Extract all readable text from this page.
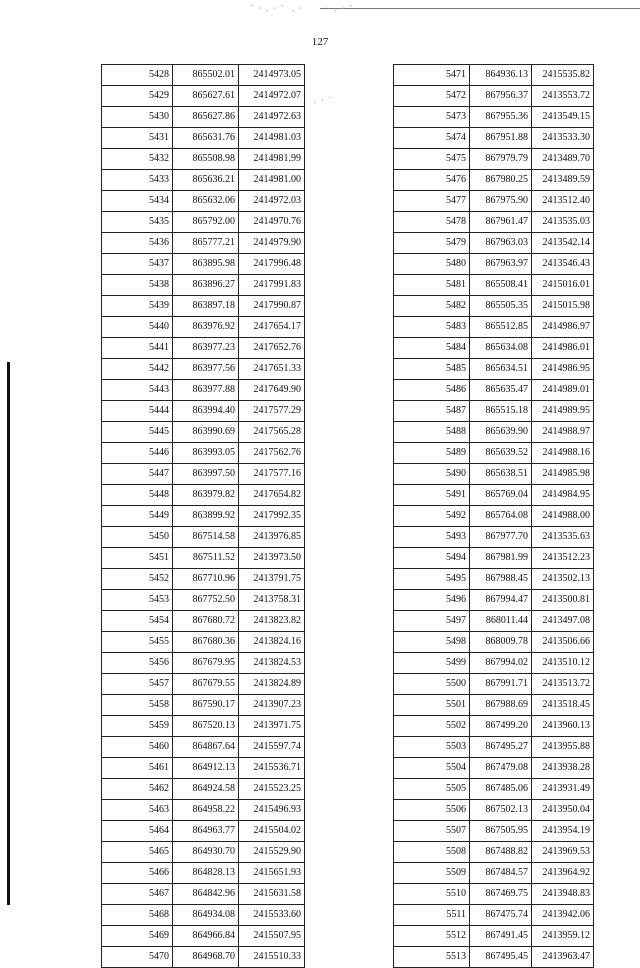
⠁⠂⠄⠂⠁ ⠄⠂ ⠂⠄⠂⠁
⠄⠂⠁
127
5428	865502.01	2414973.05
5429	865627.61	2414972.07
5430	865627.86	2414972.63
5431	865631.76	2414981.03
5432	865508.98	2414981.99
5433	865636.21	2414981.00
5434	865632.06	2414972.03
5435	865792.00	2414970.76
5436	865777.21	2414979.90
5437	863895.98	2417996.48
5438	863896.27	2417991.83
5439	863897.18	2417990.87
5440	863976.92	2417654.17
5441	863977.23	2417652.76
5442	863977.56	2417651.33
5443	863977.88	2417649.90
5444	863994.40	2417577.29
5445	863990.69	2417565.28
5446	863993.05	2417562.76
5447	863997.50	2417577.16
5448	863979.82	2417654.82
5449	863899.92	2417992.35
5450	867514.58	2413976.85
5451	867511.52	2413973.50
5452	867710.96	2413791.75
5453	867752.50	2413758.31
5454	867680.72	2413823.82
5455	867680.36	2413824.16
5456	867679.95	2413824.53
5457	867679.55	2413824.89
5458	867590.17	2413907.23
5459	867520.13	2413971.75
5460	864867.64	2415597.74
5461	864912.13	2415536.71
5462	864924.58	2415523.25
5463	864958.22	2415496.93
5464	864963.77	2415504.02
5465	864930.70	2415529.90
5466	864828.13	2415651.93
5467	864842.96	2415631.58
5468	864934.08	2415533.60
5469	864966.84	2415507.95
5470	864968.70	2415510.33
5471	864936.13	2415535.82
5472	867956.37	2413553.72
5473	867955.36	2413549.15
5474	867951.88	2413533.30
5475	867979.79	2413489.70
5476	867980.25	2413489.59
5477	867975.90	2413512.40
5478	867961.47	2413535.03
5479	867963.03	2413542.14
5480	867963.97	2413546.43
5481	865508.41	2415016.01
5482	865505.35	2415015.98
5483	865512.85	2414986.97
5484	865634.08	2414986.01
5485	865634.51	2414986.95
5486	865635.47	2414989.01
5487	865515.18	2414989.95
5488	865639.90	2414988.97
5489	865639.52	2414988.16
5490	865638.51	2414985.98
5491	865769.04	2414984.95
5492	865764.08	2414988.00
5493	867977.70	2413535.63
5494	867981.99	2413512.23
5495	867988.45	2413502.13
5496	867994.47	2413500.81
5497	868011.44	2413497.08
5498	868009.78	2413506.66
5499	867994.02	2413510.12
5500	867991.71	2413513.72
5501	867988.69	2413518.45
5502	867499.20	2413960.13
5503	867495.27	2413955.88
5504	867479.08	2413938.28
5505	867485.06	2413931.49
5506	867502.13	2413950.04
5507	867505.95	2413954.19
5508	867488.82	2413969.53
5509	867484.57	2413964.92
5510	867469.75	2413948.83
5511	867475.74	2413942.06
5512	867491.45	2413959.12
5513	867495.45	2413963.47
